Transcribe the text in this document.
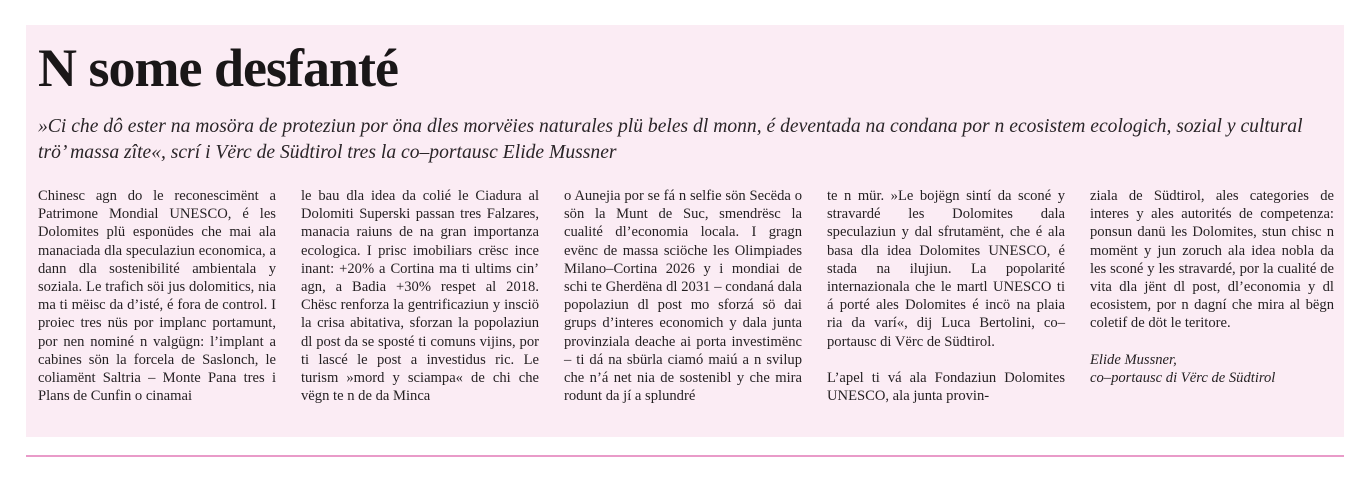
N some desfanté

»Ci che dô ester na mosöra de proteziun por öna dles morvëies naturales plü beles dl monn, é deventada na condana por n ecosistem ecologich, sozial y cultural trö’ massa zîte«, scrí i Vërc de Südtirol tres la co–portausc Elide Mussner

Chinesc agn do le reconescimënt a Patrimone Mondial UNESCO, é les Dolomites plü esponüdes che mai ala manaciada dla speculaziun economica, a dann dla sostenibilité ambientala y soziala. Le trafich söi jus dolomitics, nia ma ti mëisc da d’isté, é fora de control. I proiec tres nüs por implanc portamunt, por nen nominé n valgügn: l’implant a cabines sön la forcela de Saslonch, le coliamënt Saltria – Monte Pana tres i Plans de Cunfin o cinamai

le bau dla idea da colié le Ciadura al Dolomiti Superski passan tres Falzares, manacia raiuns de na gran importanza ecologica. I prisc imobiliars crësc ince inant: +20% a Cortina ma ti ultims cin’ agn, a Badia +30% respet al 2018. Chësc renforza la gentrificaziun y insciö la crisa abitativa, sforzan la popolaziun dl post da se sposté ti comuns vijins, por ti lascé le post a investidus ric. Le turism »mord y sciampa« de chi che vëgn te n de da Minca

o Aunejia por se fá n selfie sön Secëda o sön la Munt de Suc, smendrësc la cualité dl’economia locala. I gragn evënc de massa sciöche les Olimpiades Milano–Cortina 2026 y i mondiai de schi te Gherdëna dl 2031 – condaná dala popolaziun dl post mo sforzá sö dai grups d’interes economich y dala junta provinziala deache ai porta investimënc – ti dá na sbürla ciamó maiú a n svilup che n’á net nia de sostenibl y che mira rodunt da jí a splundré

te n mür. »Le bojëgn sintí da sconé y stravardé les Dolomites dala speculaziun y dal sfrutamënt, che é ala basa dla idea Dolomites UNESCO, é stada na ilujiun. La popolarité internazionala che le martl UNESCO ti á porté ales Dolomites é incö na plaia ria da varí«, dij Luca Bertolini, co–portausc di Vërc de Südtirol.

L’apel ti vá ala Fondaziun Dolomites UNESCO, ala junta provin-

ziala de Südtirol, ales categories de interes y ales autorités de competenza: ponsun danü les Dolomites, stun chisc n momënt y jun zoruch ala idea nobla da les sconé y les stravardé, por la cualité de vita dla jënt dl post, dl’economia y dl ecosistem, por n dagní che mira al bëgn coletif de döt le teritore.

Elide Mussner,
co–portausc di Vërc de Südtirol
